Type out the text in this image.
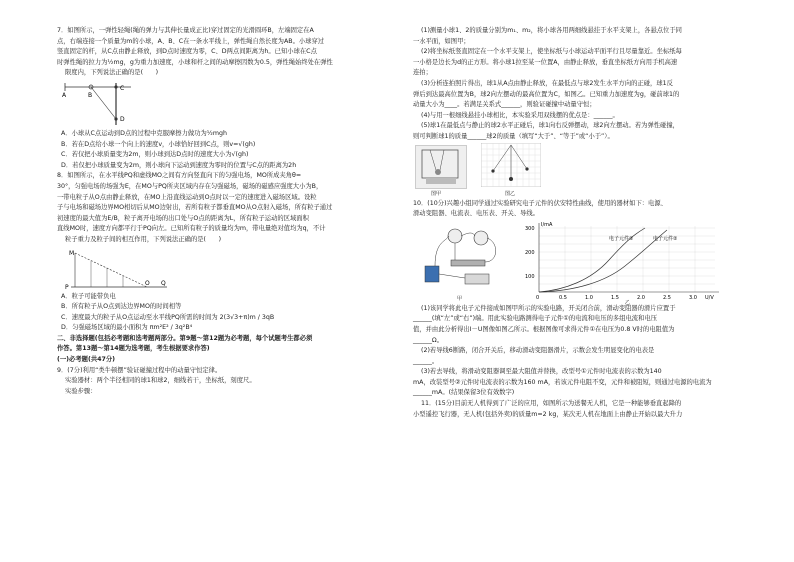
7．如图所示，一弹性轻绳(绳的弹力与其伸长量成正比)穿过固定的光滑圆环B，左端固定在A

点，右端连接一个质量为m的小球，A、B、C在一条水平线上，弹性绳自然长度为AB。小球穿过

竖直固定的杆，从C点由静止释放，到D点时速度为零，C、D两点间距离为h。已知小球在C点

时弹性绳的拉力为½mg，g为重力加速度，小球和杆之间的动摩擦因数为0.5，弹性绳始终处在弹性

限度内，下列说法正确的是(　　)

A	B
C
D

A．小球从C点运动到D点的过程中克服摩擦力做功为½mgh

B．若在D点给小球一个向上的速度v，小球恰好回到C点，则v=√(gh)

C．若仅把小球质量变为2m，则小球到达D点时的速度大小为√(gh)

D．若仅把小球质量变为2m，则小球向下运动到速度为零时的位置与C点的距离为2h

8．如图所示，在水平线PQ和虚线MO之间有方向竖直向下的匀强电场，MO所成夹角θ=

30°，匀强电场的场强为E，在MO与PQ所夹区域内存在匀强磁场，磁场的磁感应强度大小为B，

一带电粒子从O点由静止释放，在MO上沿直线运动到O点时以一定的速度进入磁场区域。设粒

子与电场和磁场边界MO相切后从MO边射出，若所有粒子都垂直MO从O点射入磁场，所有粒子通过

初速度的最大值为E/B，粒子离开电场的出口处与O点的距离为L，所有粒子运动的区域面积

直线MO时，速度方向都平行于PQ向左。已知所有粒子的质量均为m，带电量绝对值均为q，不计

粒子重力及粒子间的相互作用，下列说法正确的是(　　)

M
P
O Q

A．粒子可能带负电

B．所有粒子从O点到达边界MO的时间相等

C．速度最大的粒子从O点运动至水平线PQ所需的时间为 2(3√3+π)m / 3qB

D．匀强磁场区域的最小面积为 πm²E² / 3q²B⁴

二、非选择题(包括必考题和选考题两部分。第9题～第12题为必考题，每个试题考生都必须

作答。第13题～第14题为选考题，考生根据要求作答)

(一)必考题(共47分)

9．(7分)利用“类牛顿摆”验证碰撞过程中的动量守恒定律。

实验器材：两个半径相同的球1和球2，细线若干，坐标纸，刻度尺。

实验步骤：

(1)测量小球1、2的质量分别为m₁、m₂，将小球各用两细线悬挂于水平支架上，各悬点位于同

一水平面，如图甲；

(2)将坐标纸竖直固定在一个水平支架上，使坐标纸与小球运动平面平行且尽量靠近。坐标纸每

一小格是边长为d的正方形。将小球1拉至某一位置A，由静止释放，垂直坐标纸方向用手机高速

连拍；

(3)分析连拍照片得出，球1从A点由静止释放，在最低点与球2发生水平方向的正碰，球1反

弹后到达最高位置为B，球2向左摆动的最高位置为C，如图乙。已知重力加速度为g，碰前球1的

动量大小为____。若满足关系式______，则验证碰撞中动量守恒；

(4)与用一根细线悬挂小球相比，本实验采用双线摆的优点是：______。

(5)球1在最低点与静止的球2水平正碰后，球1向右反弹摆动，球2向左摆动。若为弹性碰撞，

则可判断球1的质量______球2的质量（填写“大于”、“等于”或“小于”）。

图甲	图乙

10．(10分)兴趣小组同学通过实验研究电子元件的伏安特性曲线，使用的器材如下：电源、

滑动变阻器、电流表、电压表、开关、导线。

甲
I/mA
U/V
300
200
100
0	0.5	1.0	1.5	2.0	2.5	3.0
电子元件①	电子元件②
乙

(1)该同学将此电子元件接成如图甲所示的实验电路，开关闭合前，滑动变阻器的滑片应置于

______(填“左”或“右”)端。用此实验电路测得电子元件①的电流和电压的多组电流和电压

值，并由此分析得出I－U图像如图乙所示。根据图像可求得元件①在电压为0.8 V时的电阻值为

______Ω。

(2)若导线6断路，闭合开关后，移动滑动变阻器滑片，示数会发生明显变化的电表是

______。

(3)若去导线，将滑动变阻器调至最大阻值并替换，改型号①元件时电流表的示数为140

mA，改装型号②元件时电流表的示数为160 mA，若该元件电阻不变，元件和被阻短，则通过电源的电流为

______mA。(结果保留3位有效数字)

11．(15分)目前无人机得到了广泛的应用，如图所示为送餐无人机，它是一种能够垂直起降的

小型遥控飞行器，无人机(包括外卖)的质量m=2 kg，某次无人机在地面上由静止开始以最大升力
